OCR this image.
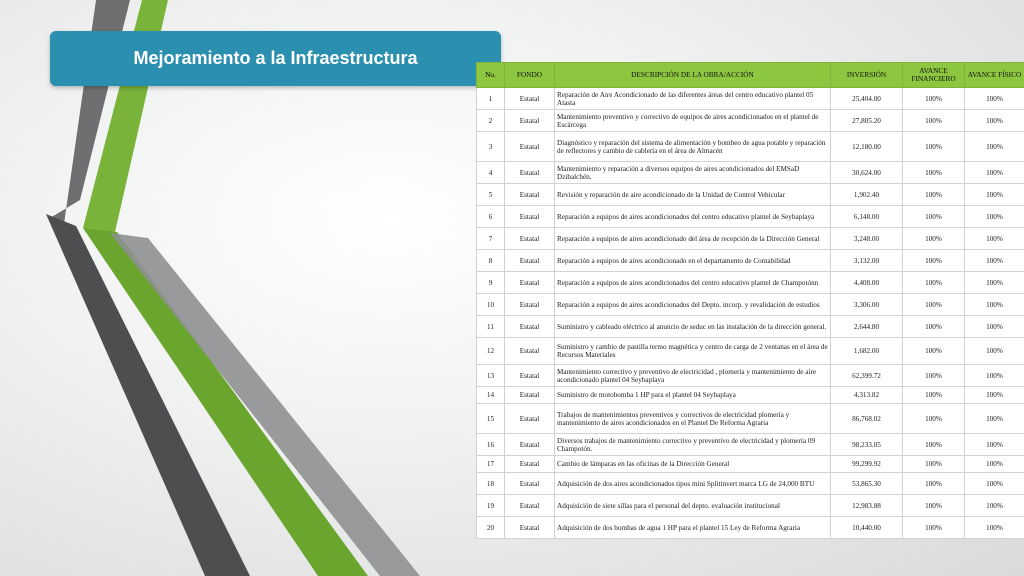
Mejoramiento a la Infraestructura
No.	FONDO	DESCRIPCIÓN DE LA OBRA/ACCIÓN	INVERSIÓN	AVANCE FINANCIERO	AVANCE FÍSICO
1	Estatal	Reparación de Aire Acondicionado de las diferentes áreas del centro educativo plantel 05 Atasta	25,404.00	100%	100%
2	Estatal	Mantenimiento preventivo y correctivo de equipos de aires acondicionados en el plantel de Escárcega	27,805.20	100%	100%
3	Estatal	Diagnóstico y reparación del sistema de alimentación y bombeo de agua potable y reparación de reflectores y cambio de cablería en el área de Almacén	12,180.00	100%	100%
4	Estatal	Mantenimiento y reparación a diversos equipos de aires acondicionados del EMSaD Dzibalchén.	30,624.00	100%	100%
5	Estatal	Revisión y reparación de aire acondicionado de la Unidad de Control Vehicular	1,902.40	100%	100%
6	Estatal	Reparación a equipos de aires acondicionados del centro educativo plantel de Seybaplaya	6,148.00	100%	100%
7	Estatal	Reparación a equipos de aires acondicionado del área de recepción de la Dirección General	3,248.00	100%	100%
8	Estatal	Reparación a equipos de aires acondicionado en el departamento de Contabilidad	3,132.00	100%	100%
9	Estatal	Reparación a equipos de aires acondicionados del centro educativo plantel de Champotónn	4,408.00	100%	100%
10	Estatal	Reparación a equipos de aires acondicionados del Depto. incorp. y revalidación de estudios	3,306.00	100%	100%
11	Estatal	Suministro y cableado eléctrico al anuncio de seduc en las instalación de la dirección general.	2,644.80	100%	100%
12	Estatal	Suministro y cambio de pastilla termo magnética y centro de carga de 2 ventanas en el área de Recursos Materiales	1,682.00	100%	100%
13	Estatal	Mantenimiento correctivo y preventivo de electricidad , plomería y mantenimiento de aire acondicionado plantel 04 Seybaplaya	62,399.72	100%	100%
14	Estatal	Suministro de motobomba 1 HP para el plantel 04 Seybaplaya	4,313.82	100%	100%
15	Estatal	Trabajos de mantenimientos preventivos y correctivos de electricidad plomería y mantenimiento de aires acondicionados en el Plantel De Reforma Agraria	86,768.02	100%	100%
16	Estatal	Diversos trabajos de mantenimiento correctivo y preventivo de electricidad y plomería 09 Champotón.	98,233.05	100%	100%
17	Estatal	Cambio de lámparas en las oficinas de la Dirección General	99,299.92	100%	100%
18	Estatal	Adquisición de dos aires acondicionados tipos mini Splitinvert marca LG de 24,000 BTU	53,865.30	100%	100%
19	Estatal	Adquisición de siete sillas para el personal del depto. evaluación institucional	12,983.88	100%	100%
20	Estatal	Adquisición de dos bombas de agua 1 HP para el plantel 15 Ley de Reforma Agraria	10,440.00	100%	100%
